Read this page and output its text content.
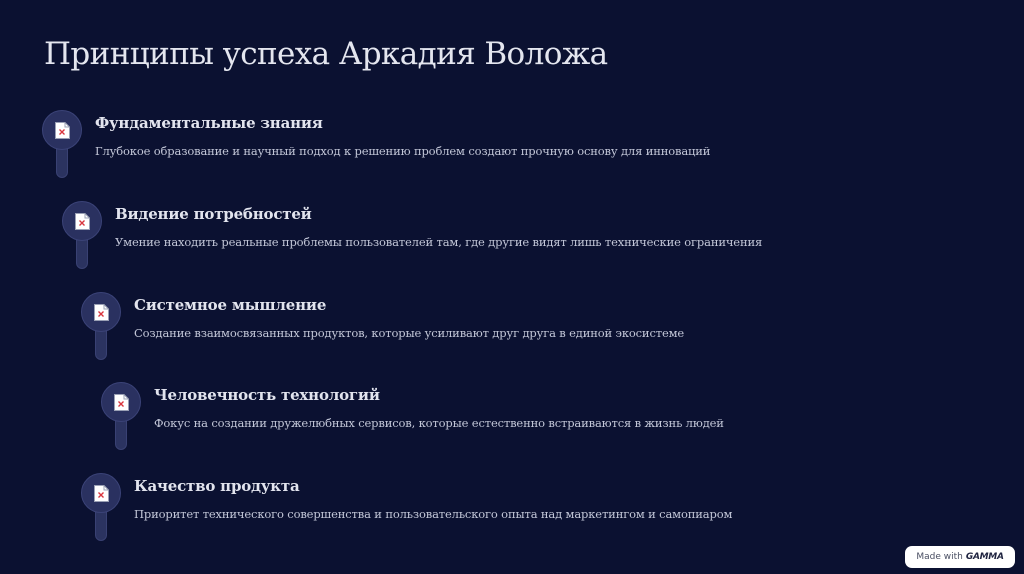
Принципы успеха Аркадия Воложа
Фундаментальные знания

Глубокое образование и научный подход к решению проблем создают прочную основу для инноваций

Видение потребностей

Умение находить реальные проблемы пользователей там, где другие видят лишь технические ограничения

Системное мышление

Создание взаимосвязанных продуктов, которые усиливают друг друга в единой экосистеме

Человечность технологий

Фокус на создании дружелюбных сервисов, которые естественно встраиваются в жизнь людей

Качество продукта

Приоритет технического совершенства и пользовательского опыта над маркетингом и самопиаром

Made with GAMMA
